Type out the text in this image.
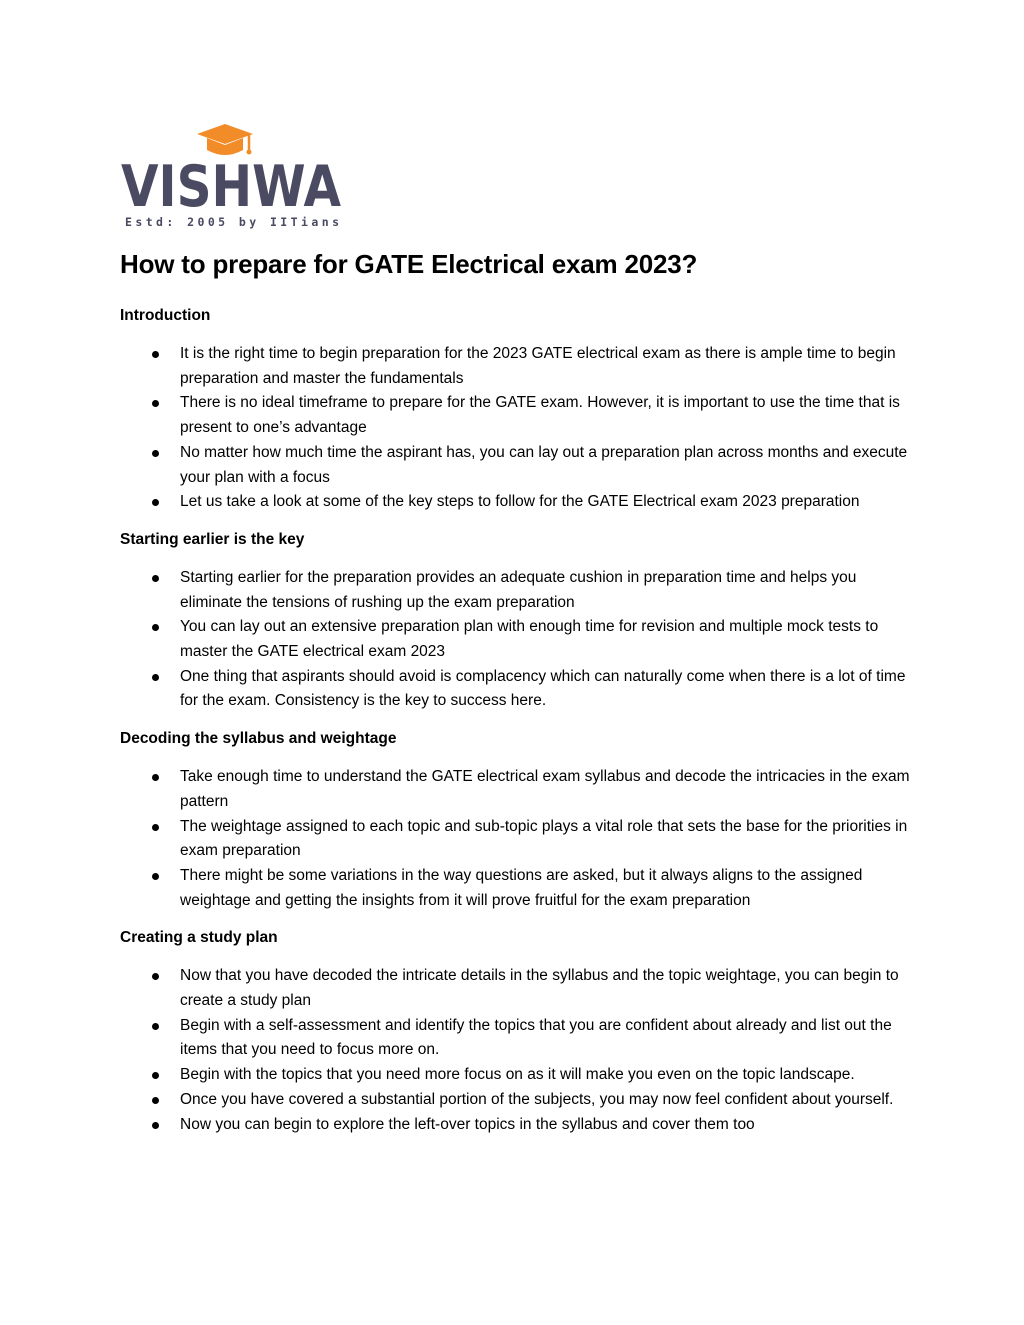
VISHWA
Estd: 2005 by IITians
How to prepare for GATE Electrical exam 2023?

Introduction

It is the right time to begin preparation for the 2023 GATE electrical exam as there is ample time to begin preparation and master the fundamentals
There is no ideal timeframe to prepare for the GATE exam. However, it is important to use the time that is present to one’s advantage
No matter how much time the aspirant has, you can lay out a preparation plan across months and execute your plan with a focus
Let us take a look at some of the key steps to follow for the GATE Electrical exam 2023 preparation

Starting earlier is the key

Starting earlier for the preparation provides an adequate cushion in preparation time and helps you eliminate the tensions of rushing up the exam preparation
You can lay out an extensive preparation plan with enough time for revision and multiple mock tests to master the GATE electrical exam 2023
One thing that aspirants should avoid is complacency which can naturally come when there is a lot of time for the exam. Consistency is the key to success here.

Decoding the syllabus and weightage

Take enough time to understand the GATE electrical exam syllabus and decode the intricacies in the exam pattern
The weightage assigned to each topic and sub-topic plays a vital role that sets the base for the priorities in exam preparation
There might be some variations in the way questions are asked, but it always aligns to the assigned weightage and getting the insights from it will prove fruitful for the exam preparation

Creating a study plan

Now that you have decoded the intricate details in the syllabus and the topic weightage, you can begin to create a study plan
Begin with a self-assessment and identify the topics that you are confident about already and list out the items that you need to focus more on.
Begin with the topics that you need more focus on as it will make you even on the topic landscape.
Once you have covered a substantial portion of the subjects, you may now feel confident about yourself.
Now you can begin to explore the left-over topics in the syllabus and cover them too
